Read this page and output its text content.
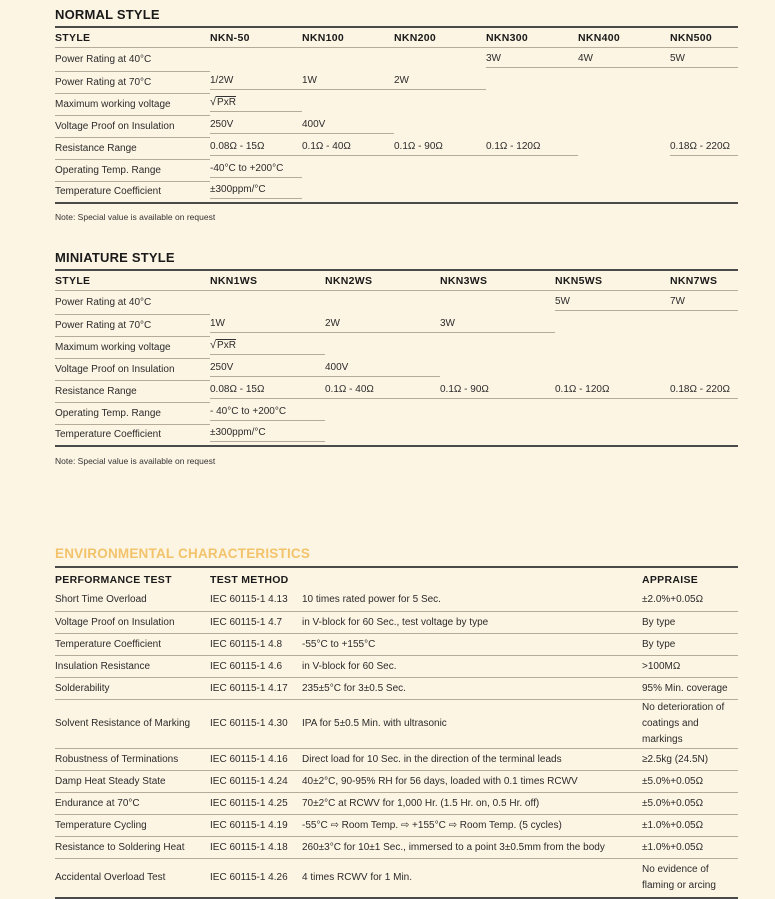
NORMAL STYLE
STYLE	NKN-50	NKN100	NKN200	NKN300	NKN400	NKN500

Power Rating at 40°C				3W	4W	5W

Power Rating at 70°C	1/2W	1W	2W			

Maximum working voltage	√PxR					

Voltage Proof on Insulation	250V	400V				

Resistance Range	0.08Ω - 15Ω	0.1Ω - 40Ω	0.1Ω - 90Ω	0.1Ω - 120Ω		0.18Ω - 220Ω

Operating Temp. Range	-40°C to +200°C					

Temperature Coefficient	±300ppm/°C					

Note: Special value is available on request
MINIATURE STYLE
STYLE	NKN1WS	NKN2WS	NKN3WS	NKN5WS	NKN7WS

Power Rating at 40°C				5W	7W

Power Rating at 70°C	1W	2W	3W		

Maximum working voltage	√PxR				

Voltage Proof on Insulation	250V	400V			

Resistance Range	0.08Ω - 15Ω	0.1Ω - 40Ω	0.1Ω - 90Ω	0.1Ω - 120Ω	0.18Ω - 220Ω

Operating Temp. Range	- 40°C to +200°C				

Temperature Coefficient	±300ppm/°C				

Note: Special value is available on request
ENVIRONMENTAL CHARACTERISTICS
PERFORMANCE TEST	TEST METHOD		APPRAISE
Short Time Overload	IEC 60115-1 4.13	10 times rated power for 5 Sec.	±2.0%+0.05Ω
Voltage Proof on Insulation	IEC 60115-1 4.7	in V-block for 60 Sec., test voltage by type	By type
Temperature Coefficient	IEC 60115-1 4.8	-55°C to +155°C	By type
Insulation Resistance	IEC 60115-1 4.6	in V-block for 60 Sec.	>100MΩ
Solderability	IEC 60115-1 4.17	235±5°C for 3±0.5 Sec.	95% Min. coverage
Solvent Resistance of Marking	IEC 60115-1 4.30	IPA for 5±0.5 Min. with ultrasonic	No deterioration of coatings and markings
Robustness of Terminations	IEC 60115-1 4.16	Direct load for 10 Sec. in the direction of the terminal leads	≥2.5kg (24.5N)
Damp Heat Steady State	IEC 60115-1 4.24	40±2°C, 90-95% RH for 56 days, loaded with 0.1 times RCWV	±5.0%+0.05Ω
Endurance at 70°C	IEC 60115-1 4.25	70±2°C at RCWV for 1,000 Hr. (1.5 Hr. on, 0.5 Hr. off)	±5.0%+0.05Ω
Temperature Cycling	IEC 60115-1 4.19	-55°C ⇨ Room Temp. ⇨ +155°C ⇨ Room Temp. (5 cycles)	±1.0%+0.05Ω
Resistance to Soldering Heat	IEC 60115-1 4.18	260±3°C for 10±1 Sec., immersed to a point 3±0.5mm from the body	±1.0%+0.05Ω
Accidental Overload Test	IEC 60115-1 4.26	4 times RCWV for 1 Min.	No evidence of flaming or arcing
